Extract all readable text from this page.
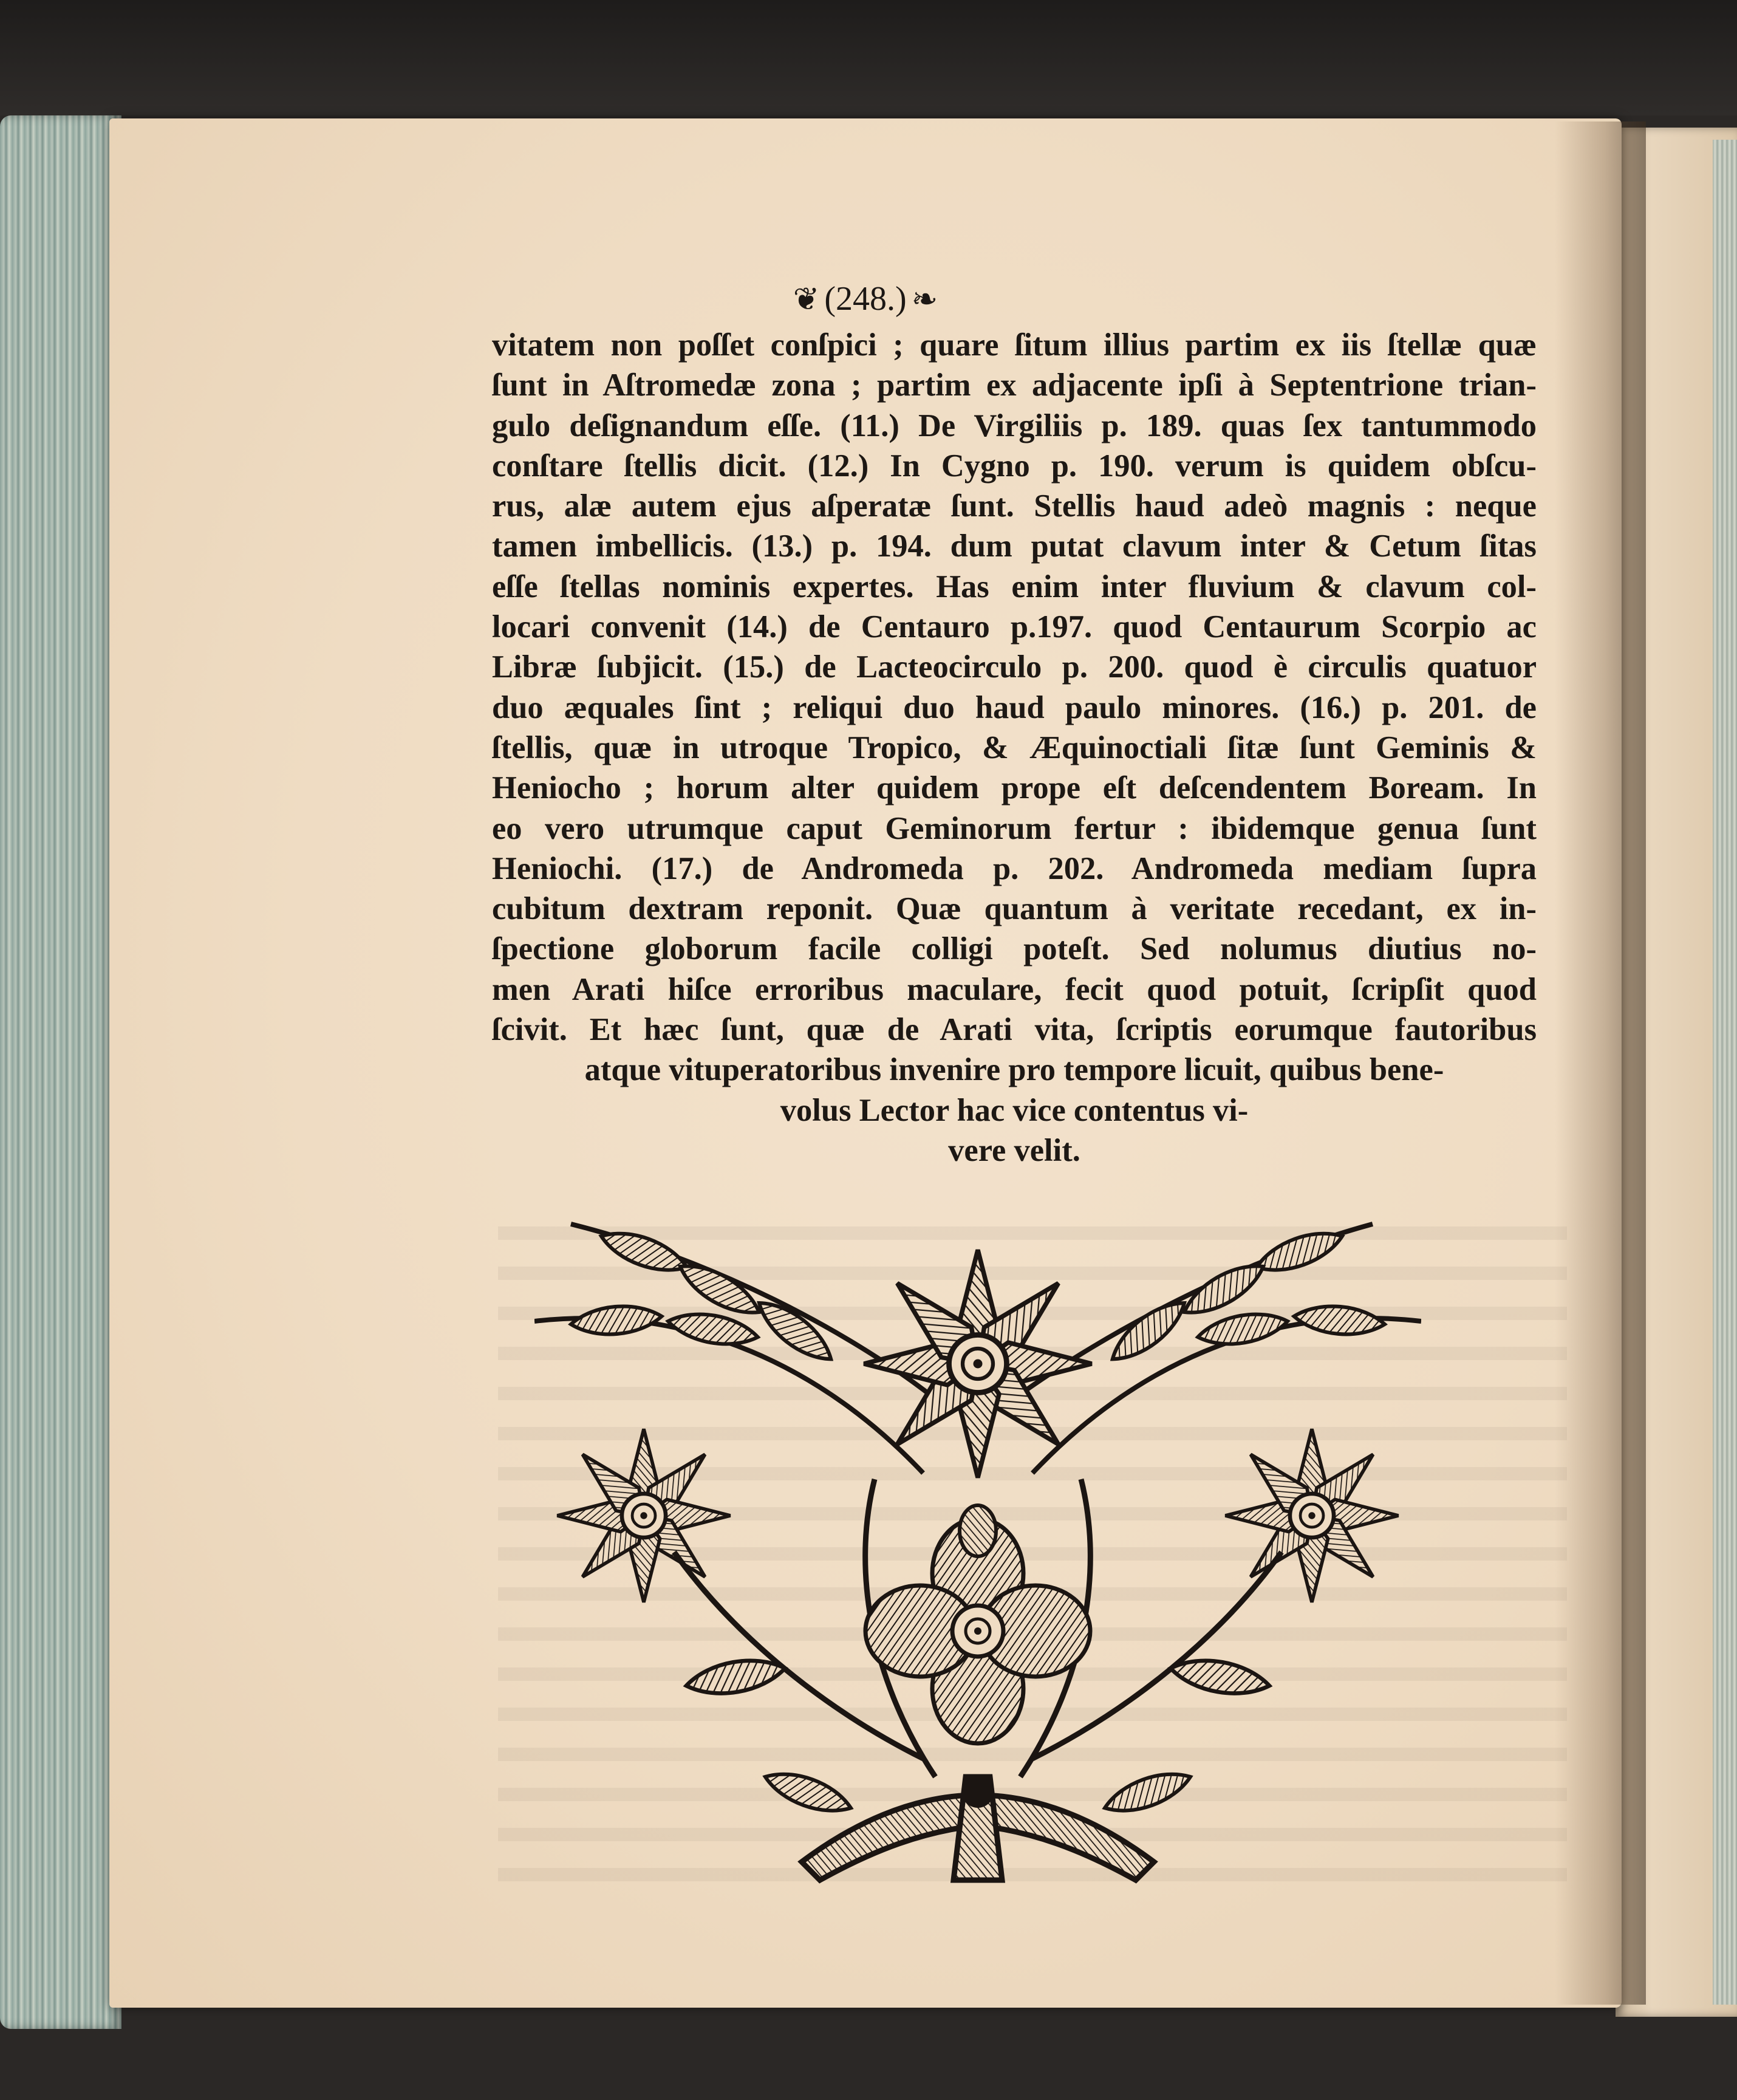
❦ (248.) ❧
vitatem non poſſet conſpici ; quare ſitum illius partim ex iis ſtellæ quæ
ſunt in Aſtromedæ zona ; partim ex adjacente ipſi à Septentrione trian-
gulo deſignandum eſſe. (11.) De Virgiliis p. 189. quas ſex tantummodo
conſtare ſtellis dicit. (12.) In Cygno p. 190. verum is quidem obſcu-
rus, alæ autem ejus aſperatæ ſunt. Stellis haud adeò magnis : neque
tamen imbellicis. (13.) p. 194. dum putat clavum inter & Cetum ſitas
eſſe ſtellas nominis expertes. Has enim inter fluvium & clavum col-
locari convenit (14.) de Centauro p.197. quod Centaurum Scorpio ac
Libræ ſubjicit. (15.) de Lacteocirculo p. 200. quod è circulis quatuor
duo æquales ſint ; reliqui duo haud paulo minores. (16.) p. 201. de
ſtellis, quæ in utroque Tropico, & Æquinoctiali ſitæ ſunt Geminis &
Heniocho ; horum alter quidem prope eſt deſcendentem Boream. In
eo vero utrumque caput Geminorum fertur : ibidemque genua ſunt
Heniochi. (17.) de Andromeda p. 202. Andromeda mediam ſupra
cubitum dextram reponit. Quæ quantum à veritate recedant, ex in-
ſpectione globorum facile colligi poteſt. Sed nolumus diutius no-
men Arati hiſce erroribus maculare, fecit quod potuit, ſcripſit quod
ſcivit. Et hæc ſunt, quæ de Arati vita, ſcriptis eorumque fautoribus
atque vituperatoribus invenire pro tempore licuit, quibus bene-
volus Lector hac vice contentus vi-
vere velit.
